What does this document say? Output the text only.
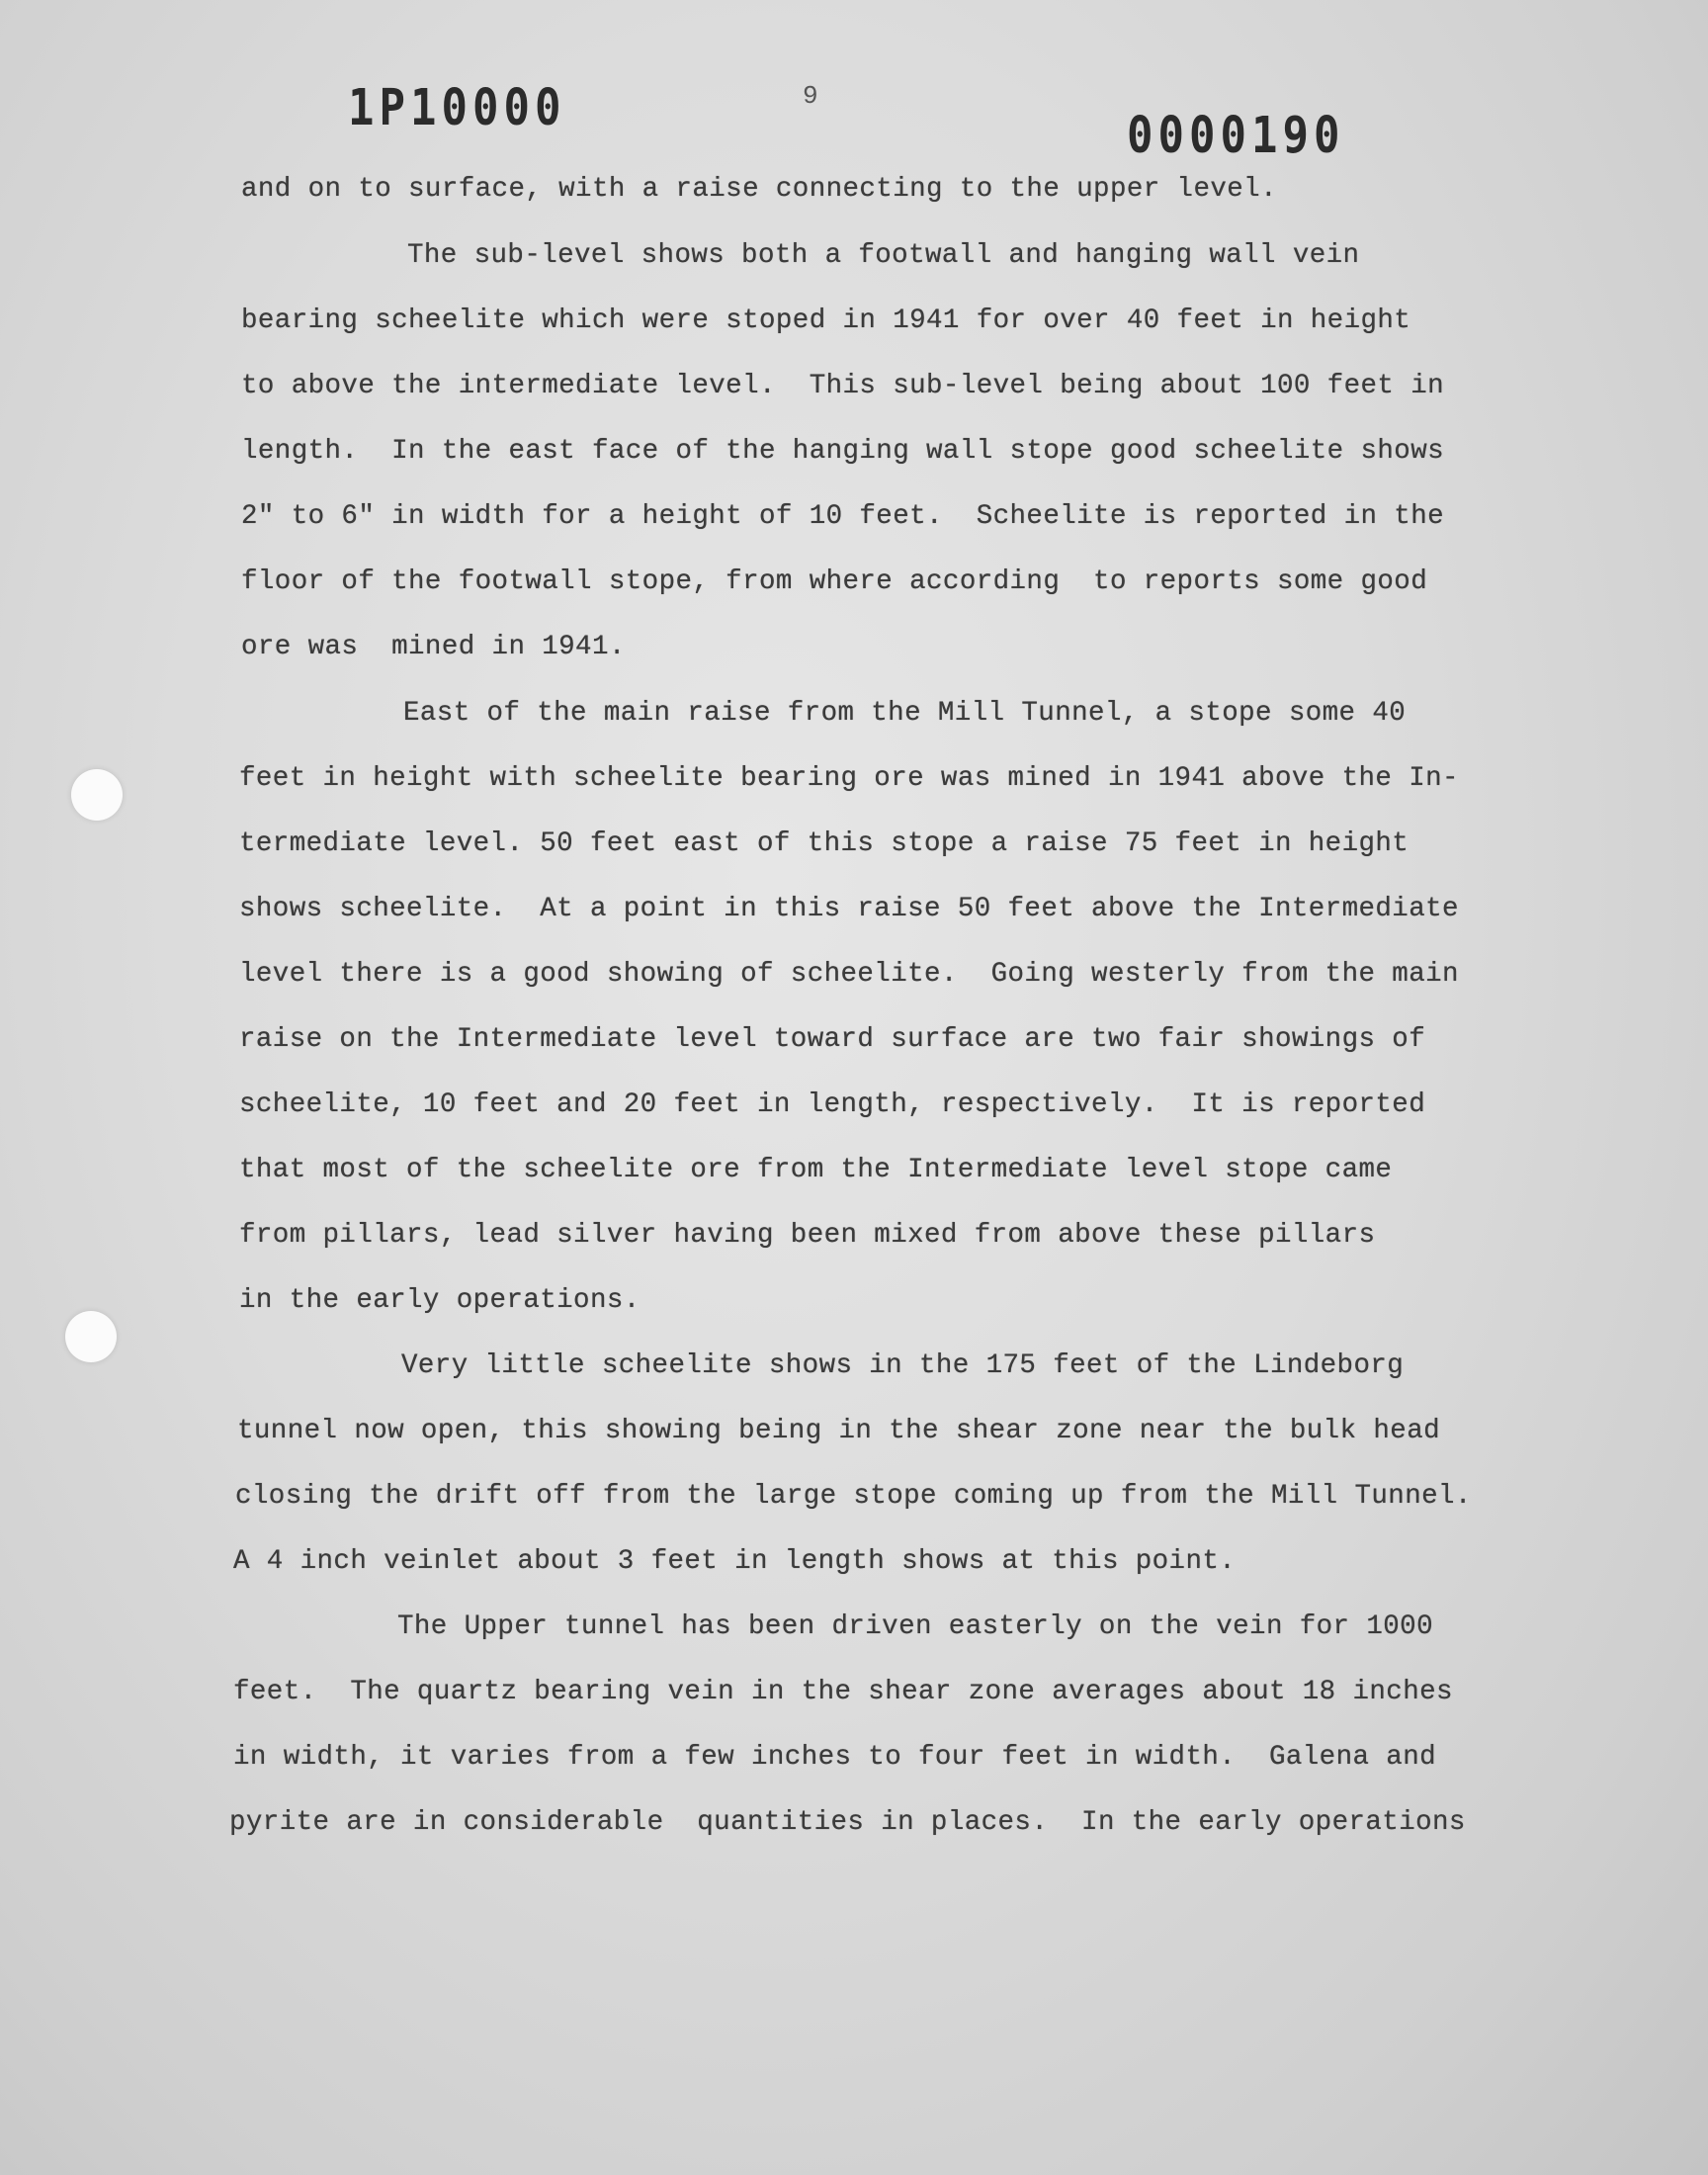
1P10000	9
0000190
and on to surface, with a raise connecting to the upper level.
The sub-level shows both a footwall and hanging wall vein
bearing scheelite which were stoped in 1941 for over 40 feet in height
to above the intermediate level.  This sub-level being about 100 feet in
length.  In the east face of the hanging wall stope good scheelite shows
2" to 6" in width for a height of 10 feet.  Scheelite is reported in the
floor of the footwall stope, from where according  to reports some good
ore was  mined in 1941.
East of the main raise from the Mill Tunnel, a stope some 40
feet in height with scheelite bearing ore was mined in 1941 above the In-
termediate level. 50 feet east of this stope a raise 75 feet in height
shows scheelite.  At a point in this raise 50 feet above the Intermediate
level there is a good showing of scheelite.  Going westerly from the main
raise on the Intermediate level toward surface are two fair showings of
scheelite, 10 feet and 20 feet in length, respectively.  It is reported
that most of the scheelite ore from the Intermediate level stope came
from pillars, lead silver having been mixed from above these pillars
in the early operations.
Very little scheelite shows in the 175 feet of the Lindeborg
tunnel now open, this showing being in the shear zone near the bulk head
closing the drift off from the large stope coming up from the Mill Tunnel.
A 4 inch veinlet about 3 feet in length shows at this point.
The Upper tunnel has been driven easterly on the vein for 1000
feet.  The quartz bearing vein in the shear zone averages about 18 inches
in width, it varies from a few inches to four feet in width.  Galena and
pyrite are in considerable  quantities in places.  In the early operations
